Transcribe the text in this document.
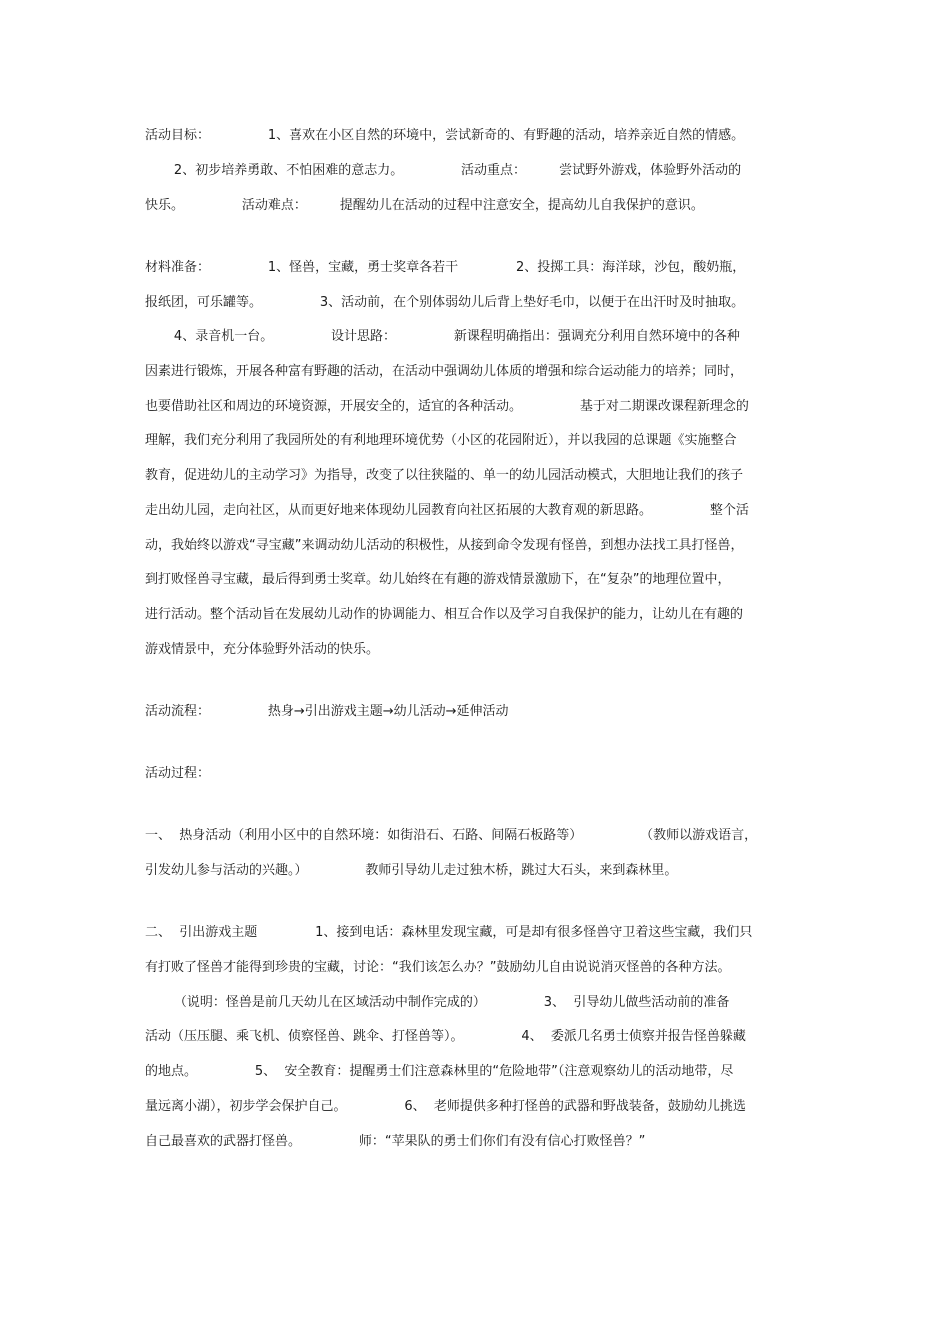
活动目标：              1、喜欢在小区自然的环境中，尝试新奇的、有野趣的活动，培养亲近自然的情感。
2、初步培养勇敢、不怕困难的意志力。              活动重点：        尝试野外游戏，体验野外活动的
快乐。              活动难点：        提醒幼儿在活动的过程中注意安全，提高幼儿自我保护的意识。
材料准备：              1、怪兽，宝藏，勇士奖章各若干              2、投掷工具：海洋球，沙包，酸奶瓶，
报纸团，可乐罐等。              3、活动前，在个别体弱幼儿后背上垫好毛巾，以便于在出汗时及时抽取。
4、录音机一台。              设计思路：              新课程明确指出：强调充分利用自然环境中的各种
因素进行锻炼，开展各种富有野趣的活动，在活动中强调幼儿体质的增强和综合运动能力的培养；同时，
也要借助社区和周边的环境资源，开展安全的，适宜的各种活动。              基于对二期课改课程新理念的
理解，我们充分利用了我园所处的有利地理环境优势（小区的花园附近），并以我园的总课题《实施整合
教育，促进幼儿的主动学习》为指导，改变了以往狭隘的、单一的幼儿园活动模式，大胆地让我们的孩子
走出幼儿园，走向社区，从而更好地来体现幼儿园教育向社区拓展的大教育观的新思路。              整个活
动，我始终以游戏“寻宝藏”来调动幼儿活动的积极性，从接到命令发现有怪兽，到想办法找工具打怪兽，
到打败怪兽寻宝藏，最后得到勇士奖章。幼儿始终在有趣的游戏情景激励下，在“复杂”的地理位置中，
进行活动。整个活动旨在发展幼儿动作的协调能力、相互合作以及学习自我保护的能力，让幼儿在有趣的
游戏情景中，充分体验野外活动的快乐。
活动流程：              热身→引出游戏主题→幼儿活动→延伸活动
活动过程：
一、  热身活动（利用小区中的自然环境：如街沿石、石路、间隔石板路等）              （教师以游戏语言，
引发幼儿参与活动的兴趣。）              教师引导幼儿走过独木桥，跳过大石头，来到森林里。
二、  引出游戏主题              1、接到电话：森林里发现宝藏，可是却有很多怪兽守卫着这些宝藏，我们只
有打败了怪兽才能得到珍贵的宝藏，讨论：“我们该怎么办？”鼓励幼儿自由说说消灭怪兽的各种方法。
（说明：怪兽是前几天幼儿在区域活动中制作完成的）              3、  引导幼儿做些活动前的准备
活动（压压腿、乘飞机、侦察怪兽、跳伞、打怪兽等）。              4、  委派几名勇士侦察并报告怪兽躲藏
的地点。              5、  安全教育：提醒勇士们注意森林里的“危险地带”（注意观察幼儿的活动地带，尽
量远离小湖），初步学会保护自己。              6、  老师提供多种打怪兽的武器和野战装备，鼓励幼儿挑选
自己最喜欢的武器打怪兽。              师：“苹果队的勇士们你们有没有信心打败怪兽？”
